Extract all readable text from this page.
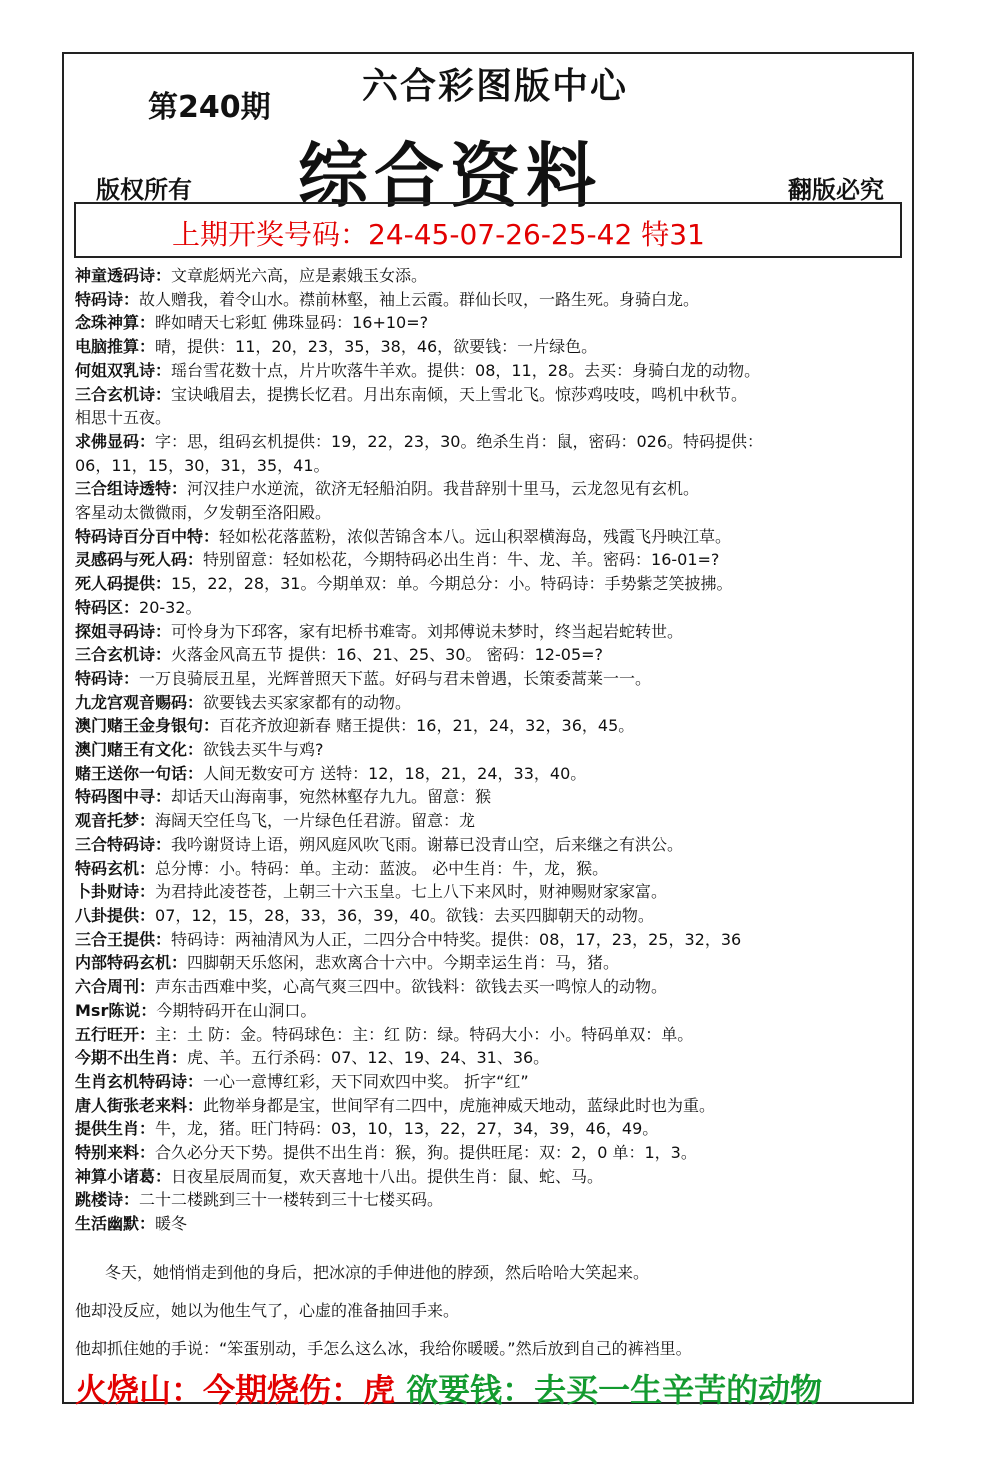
第240期
六合彩图版中心
综合资料
版权所有	翻版必究
上期开奖号码：24-45-07-26-25-42 特31
神童透码诗：文章彪炳光六高，应是素娥玉女添。
特码诗：故人赠我，着令山水。襟前林壑，袖上云霞。群仙长叹，一路生死。身骑白龙。
念珠神算：晔如晴天七彩虹 佛珠显码：16+10=?
电脑推算：晴，提供：11，20，23，35，38，46，欲要钱：一片绿色。
何姐双乳诗：瑶台雪花数十点，片片吹落牛羊欢。提供：08，11，28。去买：身骑白龙的动物。
三合玄机诗：宝诀峨眉去，提携长忆君。月出东南倾，天上雪北飞。惊莎鸡吱吱，鸣机中秋节。
相思十五夜。
求佛显码：字：思，组码玄机提供：19，22，23，30。绝杀生肖：鼠，密码：026。特码提供：
06，11，15，30，31，35，41。
三合组诗透特：河汉挂户水逆流，欲济无轻船泊阴。我昔辞别十里马，云龙忽见有玄机。
客星动太微微雨，夕发朝至洛阳殿。
特码诗百分百中特：轻如松花落蓝粉，浓似苦锦含本八。远山积翠横海岛，残霞飞丹映江草。
灵感码与死人码：特别留意：轻如松花，今期特码必出生肖：牛、龙、羊。密码：16-01=?
死人码提供：15，22，28，31。今期单双：单。今期总分：小。特码诗：手势紫芝笑披拂。
特码区：20-32。
探姐寻码诗：可怜身为下邳客，家有圯桥书难寄。刘邦傅说未梦时，终当起岩蛇转世。
三合玄机诗：火落金风高五节 提供：16、21、25、30。 密码：12-05=?
特码诗：一万良骑辰丑星，光辉普照天下蓝。好码与君未曾遇，长策委蒿莱一一。
九龙宫观音赐码：欲要钱去买家家都有的动物。
澳门赌王金身银句：百花齐放迎新春 赌王提供：16，21，24，32，36，45。
澳门赌王有文化：欲钱去买牛与鸡?
赌王送你一句话：人间无数安可方 送特：12，18，21，24，33，40。
特码图中寻：却话天山海南事，宛然林壑存九九。留意：猴
观音托梦：海阔天空任鸟飞，一片绿色任君游。留意：龙
三合特码诗：我吟谢贤诗上语，朔风庭风吹飞雨。谢幕已没青山空，后来继之有洪公。
特码玄机：总分博：小。特码：单。主动：蓝波。 必中生肖：牛，龙，猴。
卜卦财诗：为君持此凌苍苍，上朝三十六玉皇。七上八下来风时，财神赐财家家富。
八卦提供：07，12，15，28，33，36，39，40。欲钱：去买四脚朝天的动物。
三合王提供：特码诗：两袖清风为人正，二四分合中特奖。提供：08，17，23，25，32，36
内部特码玄机：四脚朝天乐悠闲，悲欢离合十六中。今期幸运生肖：马，猪。
六合周刊：声东击西难中奖，心高气爽三四中。欲钱料：欲钱去买一鸣惊人的动物。
Msr陈说：今期特码开在山洞口。
五行旺开：主：土 防：金。特码球色：主：红 防：绿。特码大小：小。特码单双：单。
今期不出生肖：虎、羊。五行杀码：07、12、19、24、31、36。
生肖玄机特码诗：一心一意博红彩，天下同欢四中奖。 折字“红”
唐人街张老来料：此物举身都是宝，世间罕有二四中，虎施神威天地动，蓝绿此时也为重。
提供生肖：牛，龙，猪。旺门特码：03，10，13，22，27，34，39，46，49。
特别来料：合久必分天下势。提供不出生肖：猴，狗。提供旺尾：双：2，0 单：1，3。
神算小诸葛：日夜星辰周而复，欢天喜地十八出。提供生肖：鼠、蛇、马。
跳楼诗：二十二楼跳到三十一楼转到三十七楼买码。
生活幽默：暖冬
冬天，她悄悄走到他的身后，把冰凉的手伸进他的脖颈，然后哈哈大笑起来。
他却没反应，她以为他生气了，心虚的准备抽回手来。
他却抓住她的手说：“笨蛋别动，手怎么这么冰，我给你暖暖。”然后放到自己的裤裆里。
火烧山：今期烧伤：虎 欲要钱：去买一生辛苦的动物
